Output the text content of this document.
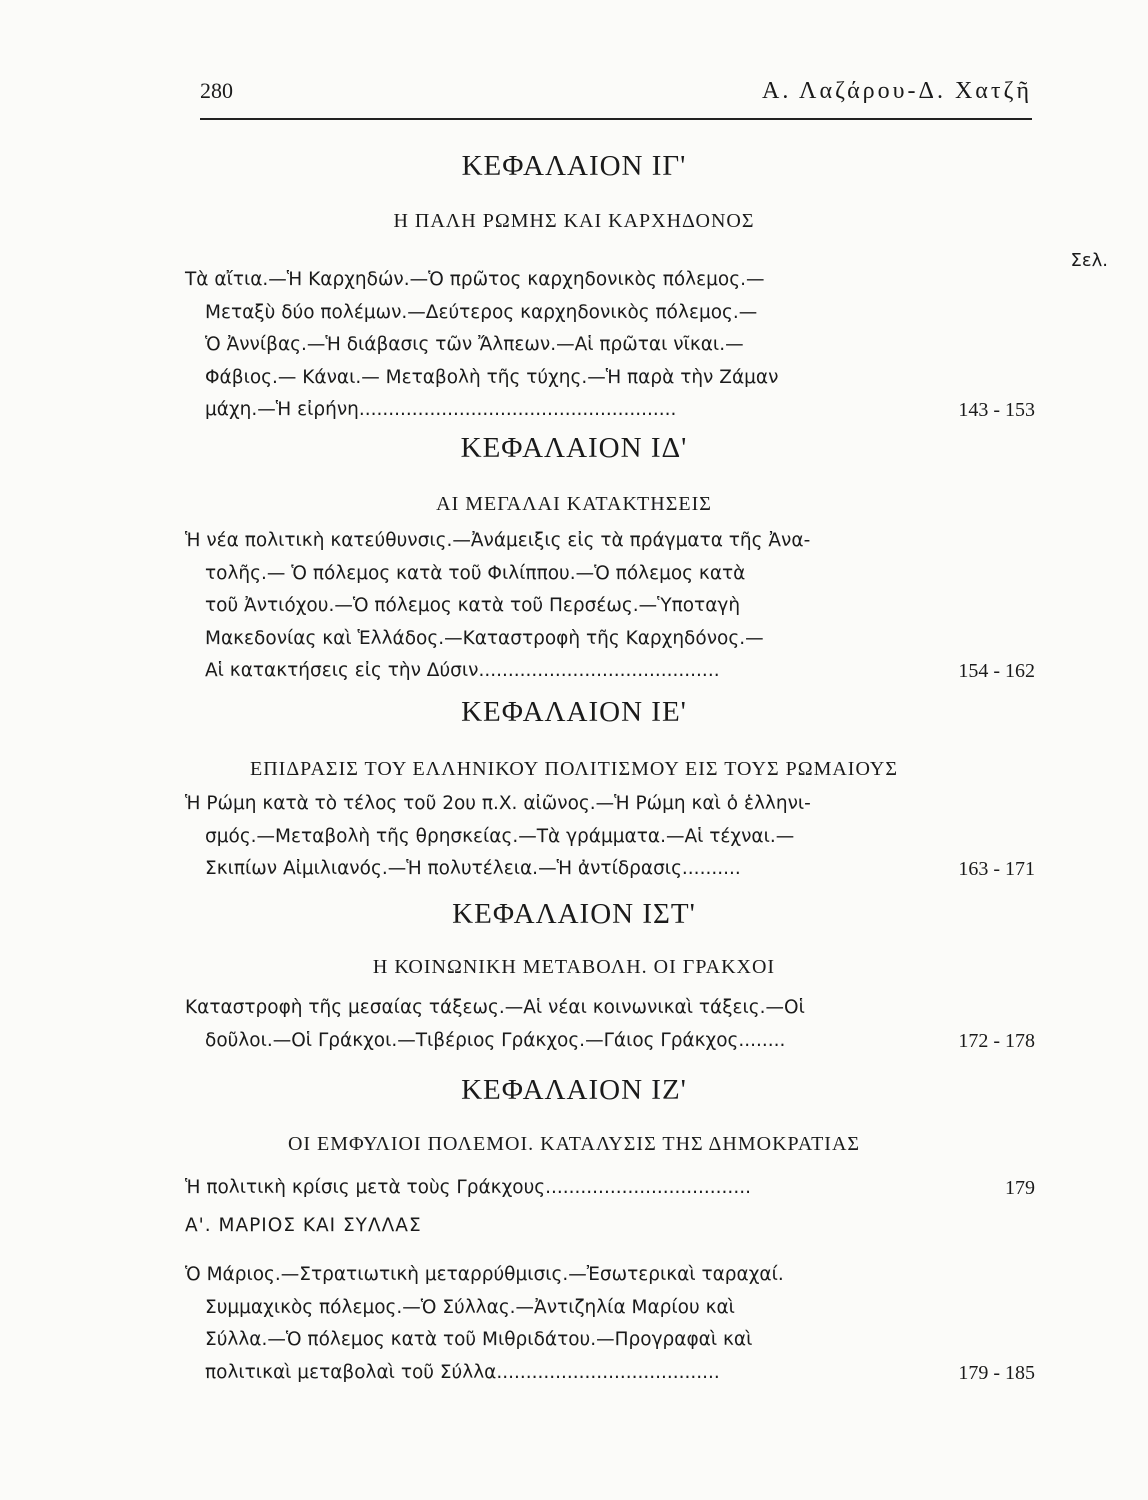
280	Α. Λαζάρου-Δ. Χατζῆ
Σελ.
ΚΕΦΑΛΑΙΟΝ ΙΓ'
Η ΠΑΛΗ ΡΩΜΗΣ ΚΑΙ ΚΑΡΧΗΔΟΝΟΣ
Τὰ αἴτια.—Ἡ Καρχηδών.—Ὁ πρῶτος καρχηδονικὸς πόλεμος.—
Μεταξὺ δύο πολέμων.—Δεύτερος καρχηδονικὸς πόλεμος.—
Ὁ Ἀννίβας.—Ἡ διάβασις τῶν Ἄλπεων.—Αἱ πρῶται νῖκαι.—
Φάβιος.— Κάναι.— Μεταβολὴ τῆς τύχης.—Ἡ παρὰ τὴν Ζάμαν
μάχη.—Ἡ εἰρήνη......................................................	143 - 153
ΚΕΦΑΛΑΙΟΝ ΙΔ'
ΑΙ ΜΕΓΑΛΑΙ ΚΑΤΑΚΤΗΣΕΙΣ
Ἡ νέα πολιτικὴ κατεύθυνσις.—Ἀνάμειξις εἰς τὰ πράγματα τῆς Ἀνα-
τολῆς.— Ὁ πόλεμος κατὰ τοῦ Φιλίππου.—Ὁ πόλεμος κατὰ
τοῦ Ἀντιόχου.—Ὁ πόλεμος κατὰ τοῦ Περσέως.—Ὑποταγὴ
Μακεδονίας καὶ Ἑλλάδος.—Καταστροφὴ τῆς Καρχηδόνος.—
Αἱ κατακτήσεις εἰς τὴν Δύσιν.........................................	154 - 162
ΚΕΦΑΛΑΙΟΝ ΙΕ'
ΕΠΙΔΡΑΣΙΣ ΤΟΥ ΕΛΛΗΝΙΚΟΥ ΠΟΛΙΤΙΣΜΟΥ ΕΙΣ ΤΟΥΣ ΡΩΜΑΙΟΥΣ
Ἡ Ρώμη κατὰ τὸ τέλος τοῦ 2ου π.Χ. αἰῶνος.—Ἡ Ρώμη καὶ ὁ ἑλληνι-
σμός.—Μεταβολὴ τῆς θρησκείας.—Τὰ γράμματα.—Αἱ τέχναι.—
Σκιπίων Αἰμιλιανός.—Ἡ πολυτέλεια.—Ἡ ἀντίδρασις..........	163 - 171
ΚΕΦΑΛΑΙΟΝ ΙΣΤ'
Η ΚΟΙΝΩΝΙΚΗ ΜΕΤΑΒΟΛΗ. ΟΙ ΓΡΑΚΧΟΙ
Καταστροφὴ τῆς μεσαίας τάξεως.—Αἱ νέαι κοινωνικαὶ τάξεις.—Οἱ
δοῦλοι.—Οἱ Γράκχοι.—Τιβέριος Γράκχος.—Γάιος Γράκχος........	172 - 178
ΚΕΦΑΛΑΙΟΝ ΙΖ'
ΟΙ ΕΜΦΥΛΙΟΙ ΠΟΛΕΜΟΙ. ΚΑΤΑΛΥΣΙΣ ΤΗΣ ΔΗΜΟΚΡΑΤΙΑΣ
Ἡ πολιτικὴ κρίσις μετὰ τοὺς Γράκχους...................................	179
Α'. ΜΑΡΙΟΣ ΚΑΙ ΣΥΛΛΑΣ
Ὁ Μάριος.—Στρατιωτικὴ μεταρρύθμισις.—Ἐσωτερικαὶ ταραχαί.
Συμμαχικὸς πόλεμος.—Ὁ Σύλλας.—Ἀντιζηλία Μαρίου καὶ
Σύλλα.—Ὁ πόλεμος κατὰ τοῦ Μιθριδάτου.—Προγραφαὶ καὶ
πολιτικαὶ μεταβολαὶ τοῦ Σύλλα......................................	179 - 185
